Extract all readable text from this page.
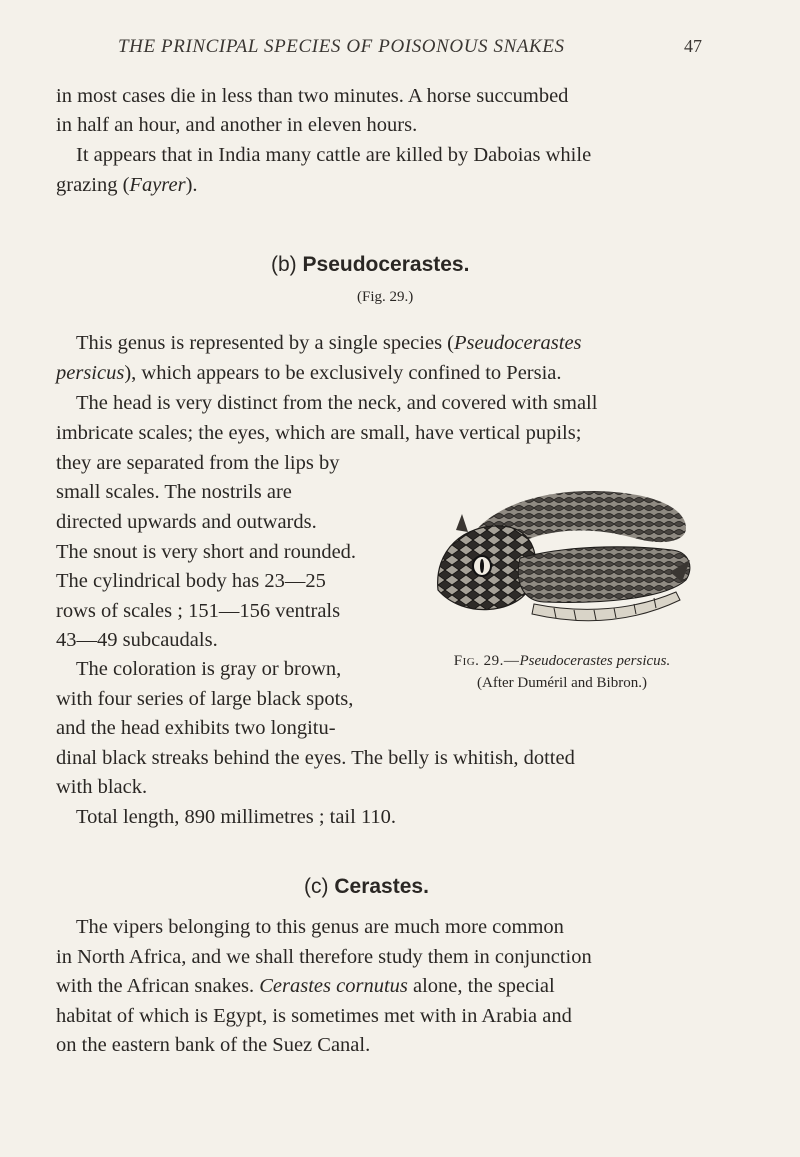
THE PRINCIPAL SPECIES OF POISONOUS SNAKES	47

in most cases die in less than two minutes. A horse succumbed

in half an hour, and another in eleven hours.

It appears that in India many cattle are killed by Daboias while

grazing (Fayrer).

(b) Pseudocerastes.
(Fig. 29.)

This genus is represented by a single species (Pseudocerastes

persicus), which appears to be exclusively confined to Persia.

The head is very distinct from the neck, and covered with small

imbricate scales; the eyes, which are small, have vertical pupils;

they are separated from the lips by

small scales. The nostrils are

directed upwards and outwards.

The snout is very short and rounded.

The cylindrical body has 23—25

rows of scales ; 151—156 ventrals

43—49 subcaudals.

The coloration is gray or brown,

with four series of large black spots,

and the head exhibits two longitu-

dinal black streaks behind the eyes. The belly is whitish, dotted

with black.

Total length, 890 millimetres ; tail 110.

Fig. 29.—Pseudocerastes persicus.
(After Duméril and Bibron.)
(c) Cerastes.

The vipers belonging to this genus are much more common

in North Africa, and we shall therefore study them in conjunction

with the African snakes. Cerastes cornutus alone, the special

habitat of which is Egypt, is sometimes met with in Arabia and

on the eastern bank of the Suez Canal.
